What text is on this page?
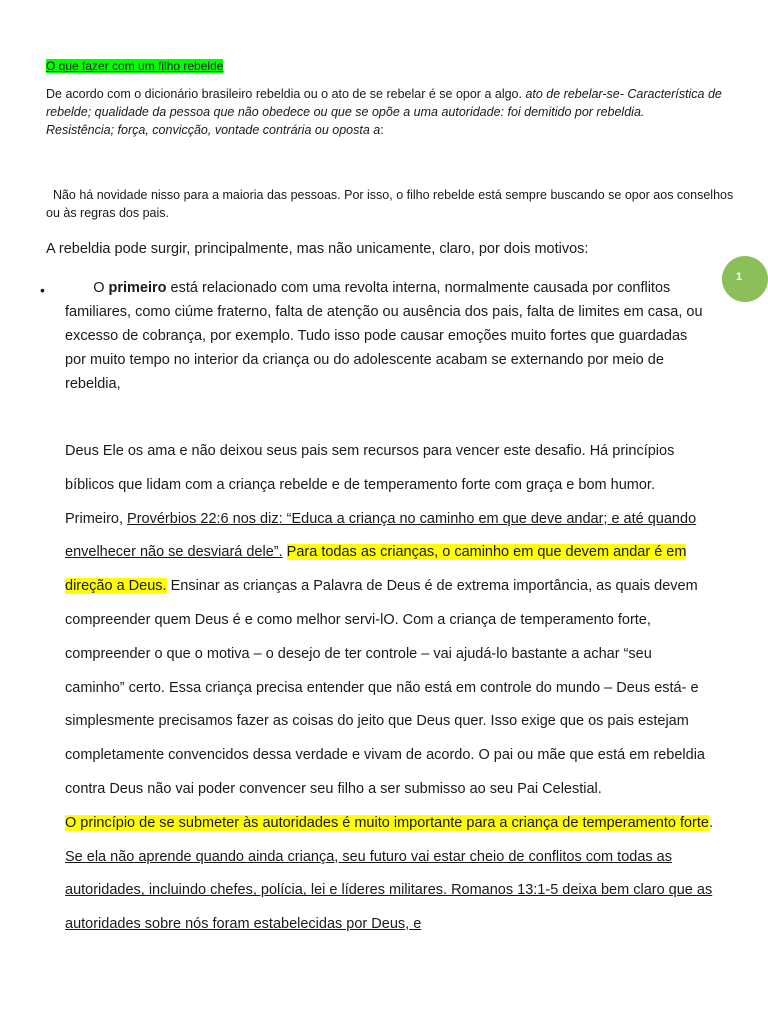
O que fazer com um filho rebelde
De acordo com o dicionário brasileiro rebeldia ou o ato de se rebelar é se opor a algo. ato de rebelar-se- Característica de rebelde; qualidade da pessoa que não obedece ou que se opõe a uma autoridade: foi demitido por rebeldia.
Resistência; força, convicção, vontade contrária ou oposta a:
Não há novidade nisso para a maioria das pessoas. Por isso, o filho rebelde está sempre buscando se opor aos conselhos ou às regras dos pais.
A rebeldia pode surgir, principalmente, mas não unicamente, claro, por dois motivos:
• O primeiro está relacionado com uma revolta interna, normalmente causada por conflitos familiares, como ciúme fraterno, falta de atenção ou ausência dos pais, falta de limites em casa, ou excesso de cobrança, por exemplo. Tudo isso pode causar emoções muito fortes que guardadas por muito tempo no interior da criança ou do adolescente acabam se externando por meio de rebeldia,
Deus Ele os ama e não deixou seus pais sem recursos para vencer este desafio. Há princípios bíblicos que lidam com a criança rebelde e de temperamento forte com graça e bom humor.
Primeiro, Provérbios 22:6 nos diz: “Educa a criança no caminho em que deve andar; e até quando envelhecer não se desviará dele”. Para todas as crianças, o caminho em que devem andar é em direção a Deus. Ensinar as crianças a Palavra de Deus é de extrema importância, as quais devem compreender quem Deus é e como melhor servi-lO. Com a criança de temperamento forte, compreender o que o motiva – o desejo de ter controle – vai ajudá-lo bastante a achar “seu caminho” certo. Essa criança precisa entender que não está em controle do mundo – Deus está- e simplesmente precisamos fazer as coisas do jeito que Deus quer. Isso exige que os pais estejam completamente convencidos dessa verdade e vivam de acordo. O pai ou mãe que está em rebeldia contra Deus não vai poder convencer seu filho a ser submisso ao seu Pai Celestial.
O princípio de se submeter às autoridades é muito importante para a criança de temperamento forte. Se ela não aprende quando ainda criança, seu futuro vai estar cheio de conflitos com todas as autoridades, incluindo chefes, polícia, lei e líderes militares. Romanos 13:1-5 deixa bem claro que as autoridades sobre nós foram estabelecidas por Deus, e
1
